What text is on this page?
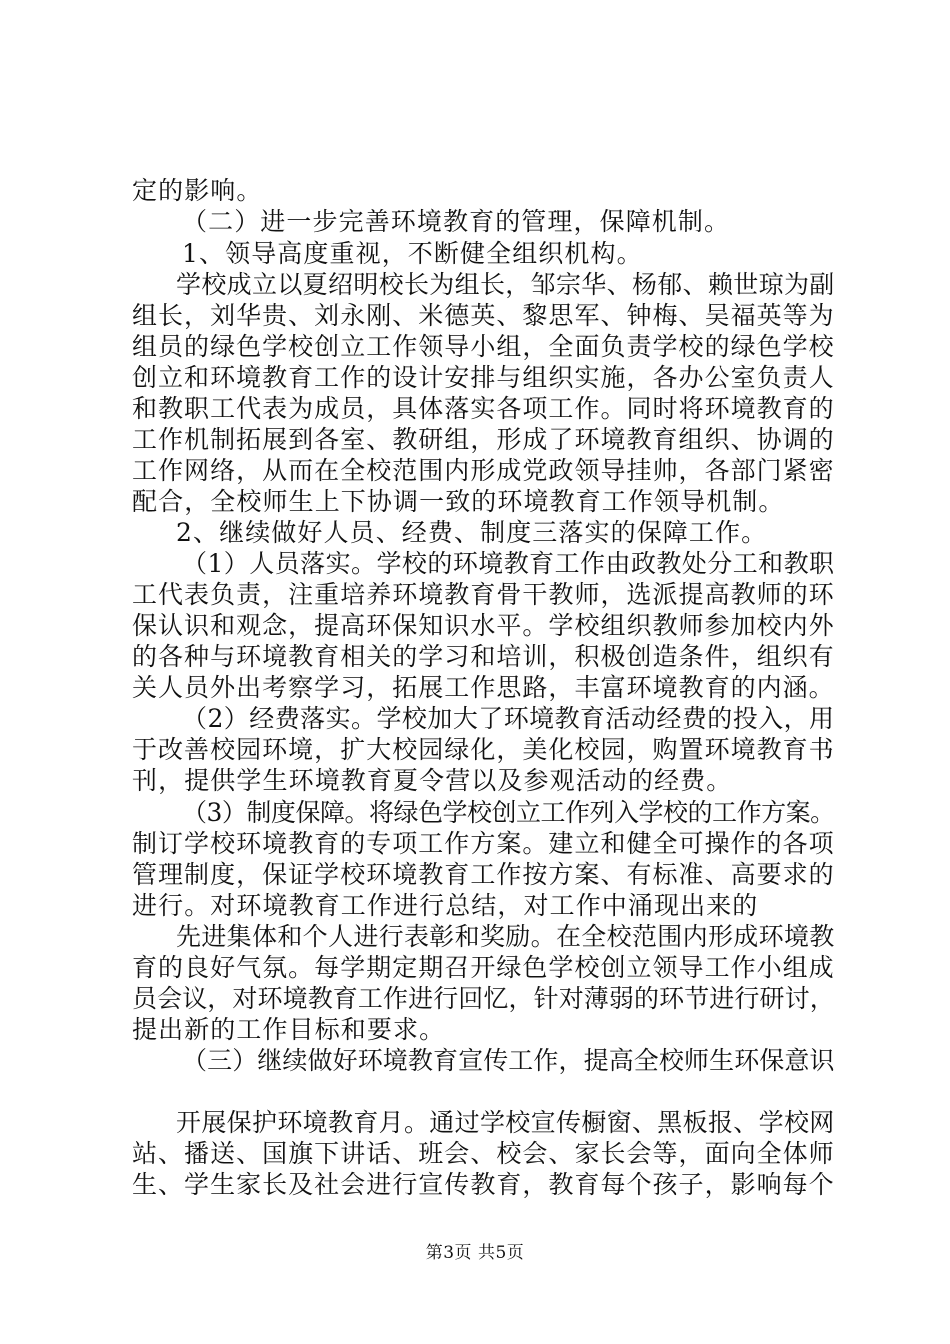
定的影响。
（二）进一步完善环境教育的管理，保障机制。
1、领导高度重视，不断健全组织机构。
学校成立以夏绍明校长为组长，邹宗华、杨郁、赖世琼为副
组长，刘华贵、刘永刚、米德英、黎思军、钟梅、吴福英等为
组员的绿色学校创立工作领导小组，全面负责学校的绿色学校
创立和环境教育工作的设计安排与组织实施，各办公室负责人
和教职工代表为成员，具体落实各项工作。同时将环境教育的
工作机制拓展到各室、教研组，形成了环境教育组织、协调的
工作网络，从而在全校范围内形成党政领导挂帅，各部门紧密
配合，全校师生上下协调一致的环境教育工作领导机制。
2、继续做好人员、经费、制度三落实的保障工作。
（1）人员落实。学校的环境教育工作由政教处分工和教职
工代表负责，注重培养环境教育骨干教师，选派提高教师的环
保认识和观念，提高环保知识水平。学校组织教师参加校内外
的各种与环境教育相关的学习和培训，积极创造条件，组织有
关人员外出考察学习，拓展工作思路，丰富环境教育的内涵。
（2）经费落实。学校加大了环境教育活动经费的投入，用
于改善校园环境，扩大校园绿化，美化校园，购置环境教育书
刊，提供学生环境教育夏令营以及参观活动的经费。
（3）制度保障。将绿色学校创立工作列入学校的工作方案。
制订学校环境教育的专项工作方案。建立和健全可操作的各项
管理制度，保证学校环境教育工作按方案、有标准、高要求的
进行。对环境教育工作进行总结，对工作中涌现出来的
先进集体和个人进行表彰和奖励。在全校范围内形成环境教
育的良好气氛。每学期定期召开绿色学校创立领导工作小组成
员会议，对环境教育工作进行回忆，针对薄弱的环节进行研讨，
提出新的工作目标和要求。
（三）继续做好环境教育宣传工作，提高全校师生环保意识
开展保护环境教育月。通过学校宣传橱窗、黑板报、学校网
站、播送、国旗下讲话、班会、校会、家长会等，面向全体师
生、学生家长及社会进行宣传教育，教育每个孩子，影响每个
第3页 共5页
